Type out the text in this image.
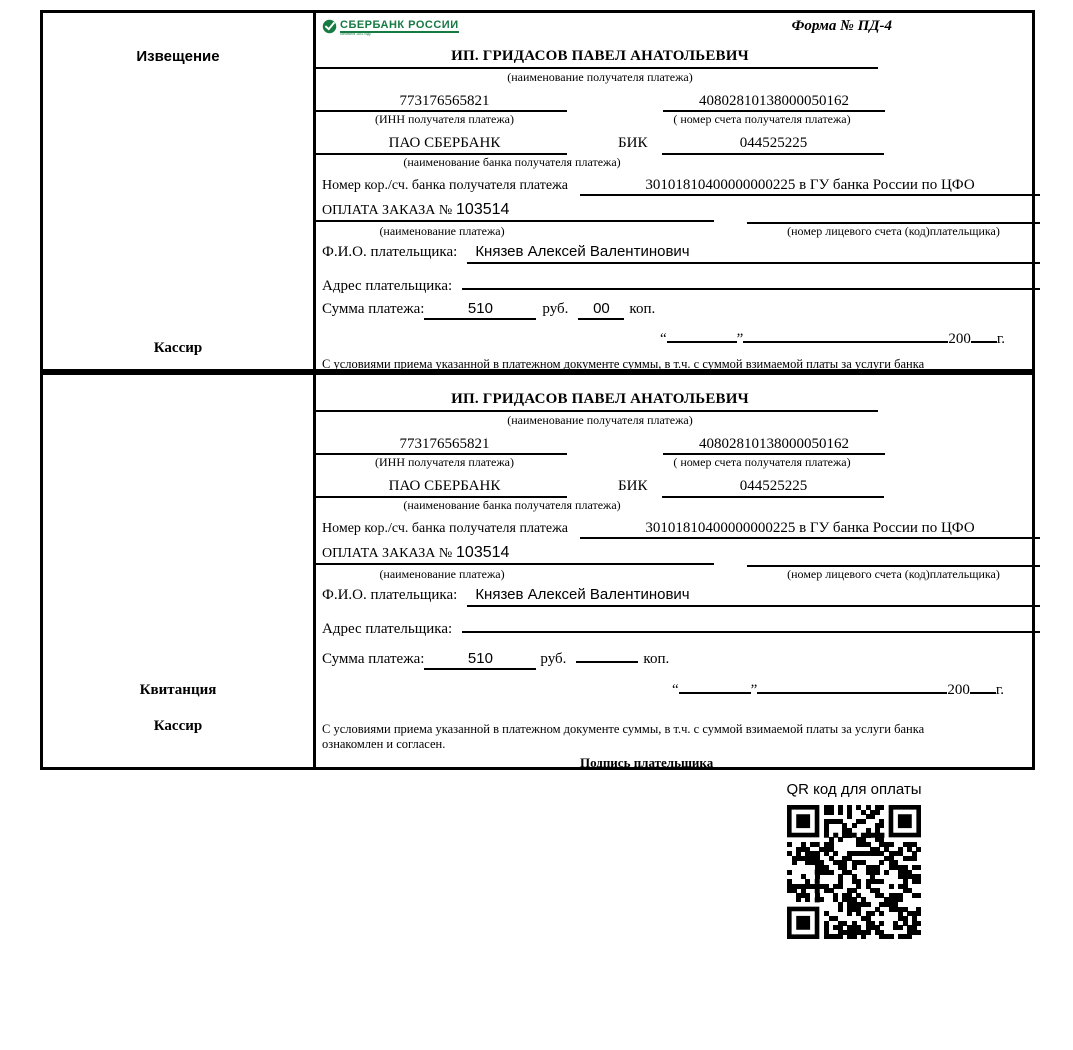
Извещение
Кассир
СБЕРБАНК РОССИИ
основан в 1841 году
Форма № ПД-4
ИП. ГРИДАСОВ ПАВЕЛ АНАТОЛЬЕВИЧ
(наименование получателя платежа)
773176565821	40802810138000050162
(ИНН получателя платежа)	( номер счета получателя платежа)
ПАО СБЕРБАНК	БИК	044525225
(наименование банка получателя платежа)
Номер кор./сч. банка получателя платежа	30101810400000000225 в ГУ банка России по ЦФО
ОПЛАТА ЗАКАЗА № 103514
(наименование платежа)	(номер лицевого счета (код)плательщика)
Ф.И.О. плательщика:	Князев Алексей Валентинович
Адрес плательщика:
Сумма платежа:	510	руб.	00	коп.
“	”	200 г.
С условиями приема указанной в платежном документе суммы, в т.ч. с суммой взимаемой платы за услуги банка
Квитанция
Кассир
ИП. ГРИДАСОВ ПАВЕЛ АНАТОЛЬЕВИЧ
(наименование получателя платежа)
773176565821	40802810138000050162
(ИНН получателя платежа)	( номер счета получателя платежа)
ПАО СБЕРБАНК	БИК	044525225
(наименование банка получателя платежа)
Номер кор./сч. банка получателя платежа	30101810400000000225 в ГУ банка России по ЦФО
ОПЛАТА ЗАКАЗА № 103514
(наименование платежа)	(номер лицевого счета (код)плательщика)
Ф.И.О. плательщика:	Князев Алексей Валентинович
Адрес плательщика:
Сумма платежа:	510	руб.	коп.
“	”	200 г.
С условиями приема указанной в платежном документе суммы, в т.ч. с суммой взимаемой платы за услуги банка
ознакомлен и согласен.
Подпись плательщика
QR код для оплаты
